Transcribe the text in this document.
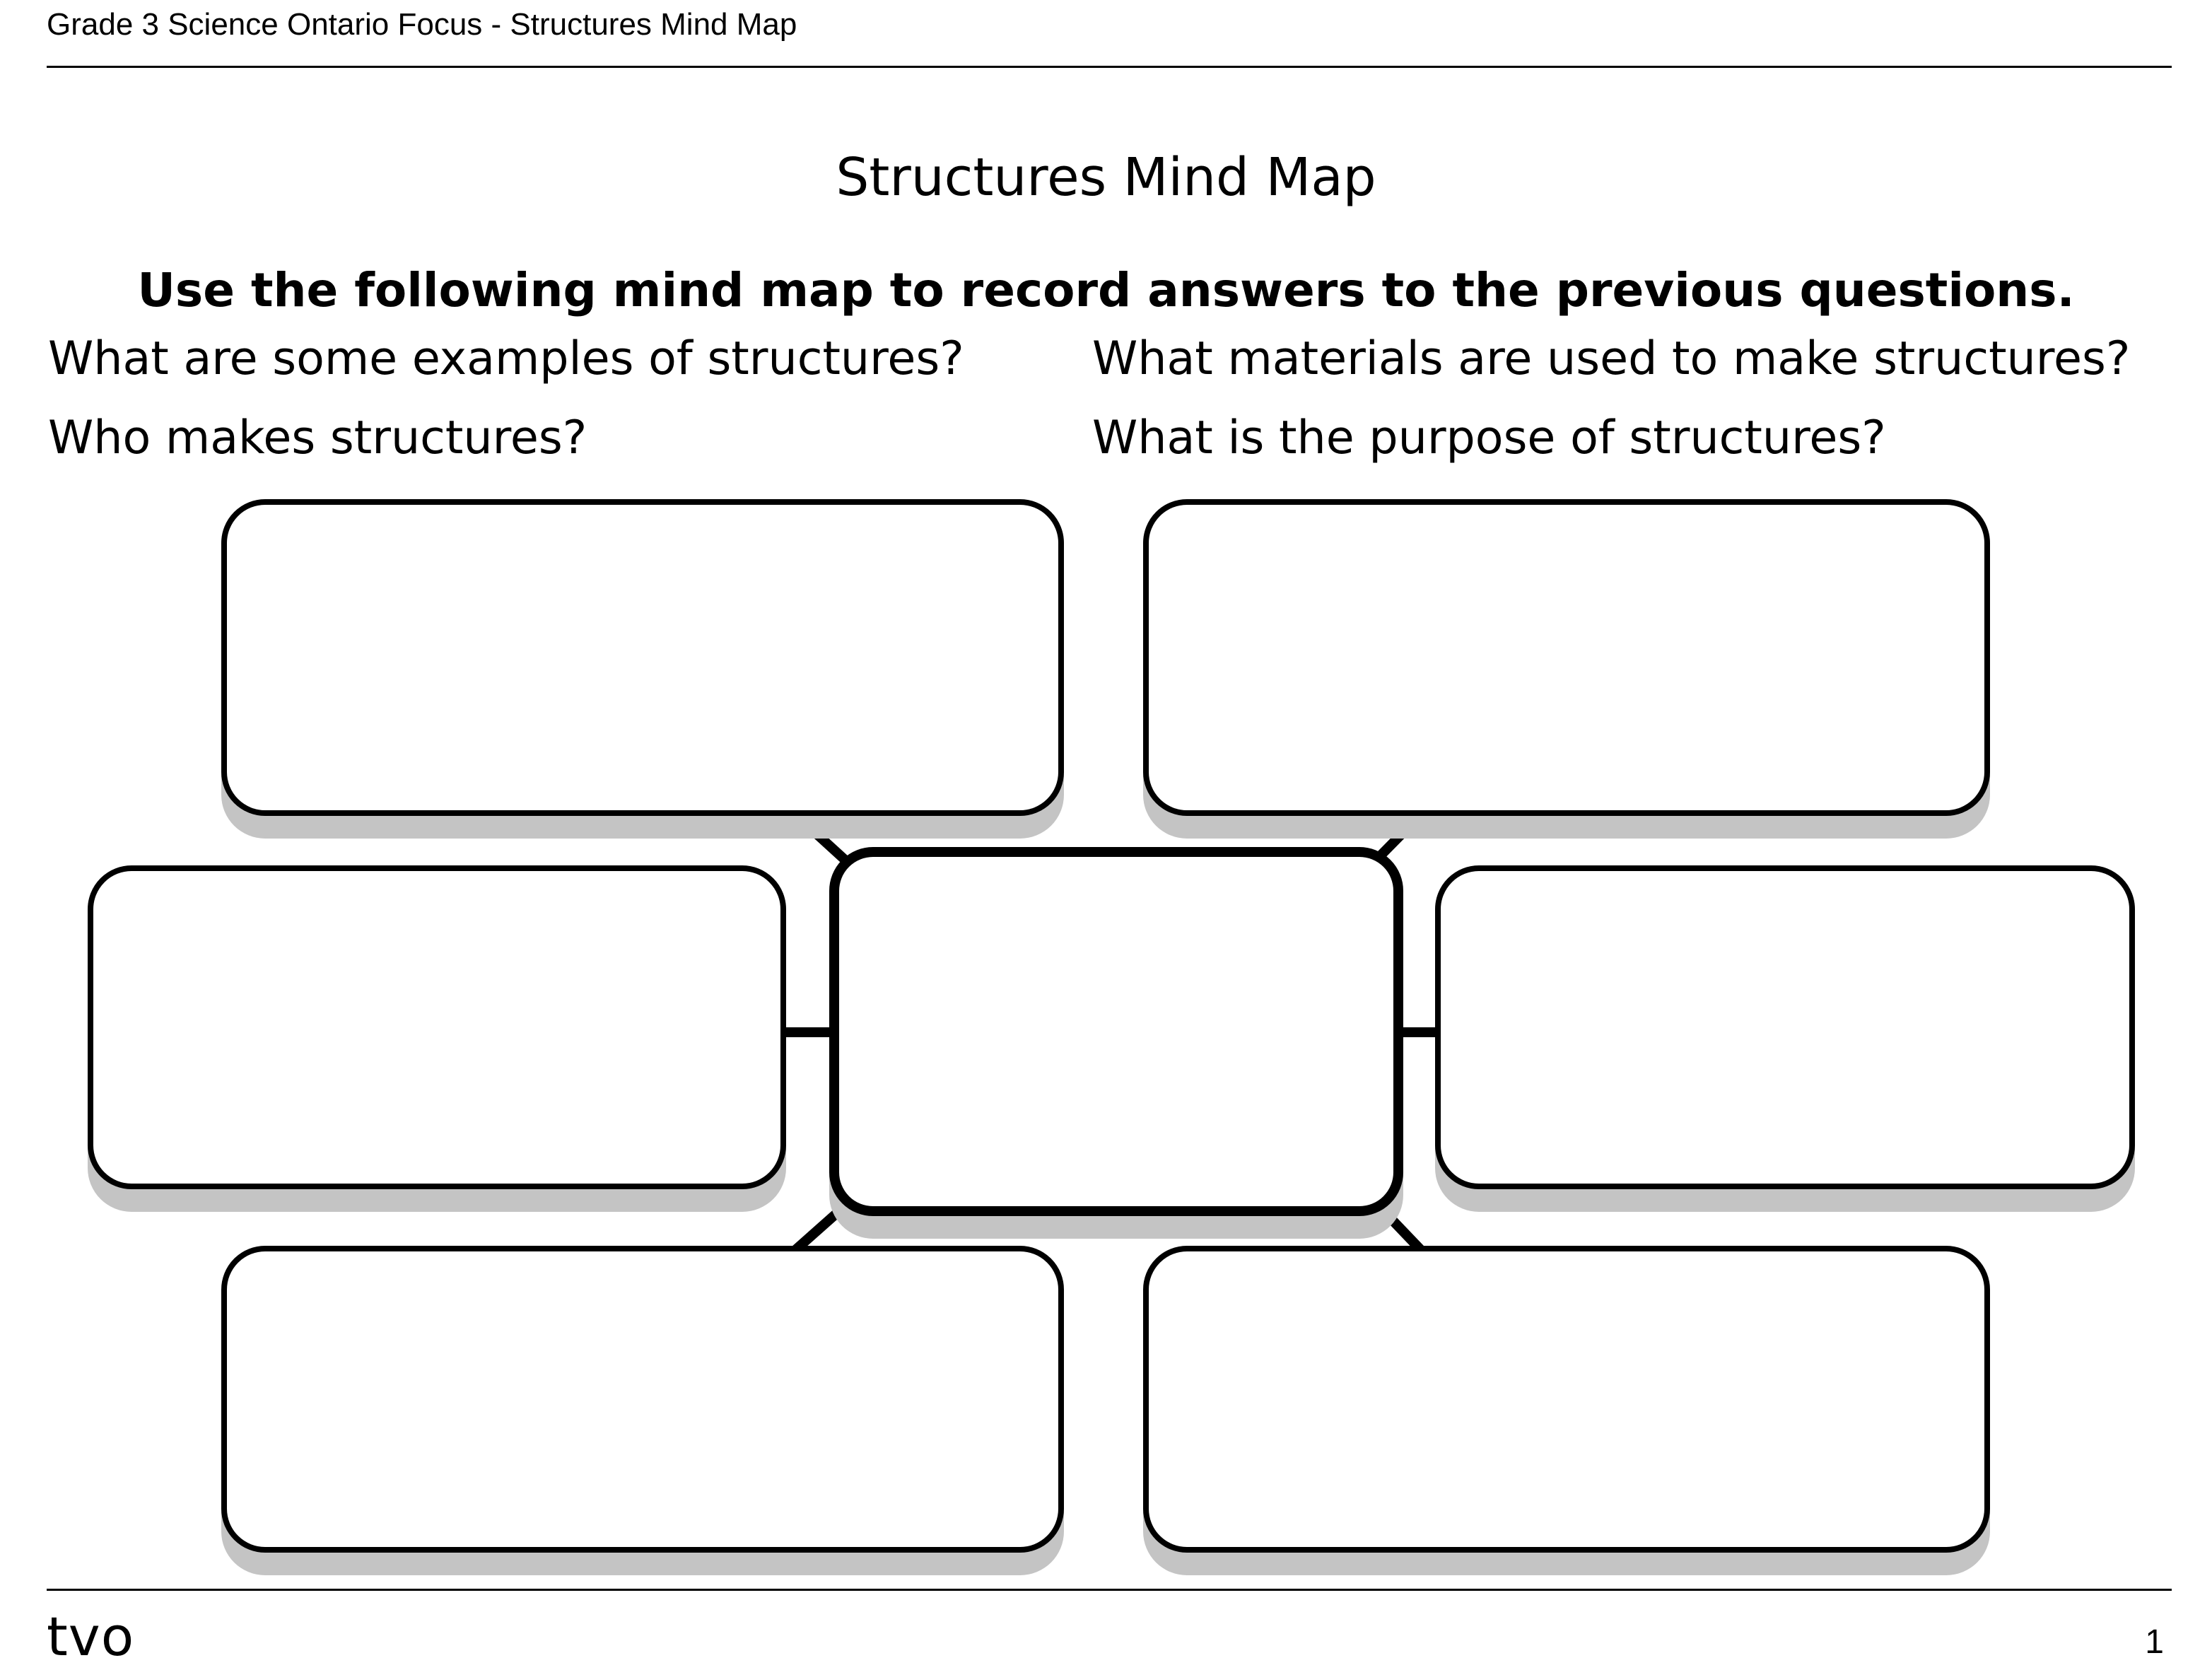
Grade 3 Science Ontario Focus - Structures Mind Map
Structures Mind Map
Use the following mind map to record answers to the previous questions.
What are some examples of structures?	What materials are used to make structures?
Who makes structures?	What is the purpose of structures?
tvo	1
